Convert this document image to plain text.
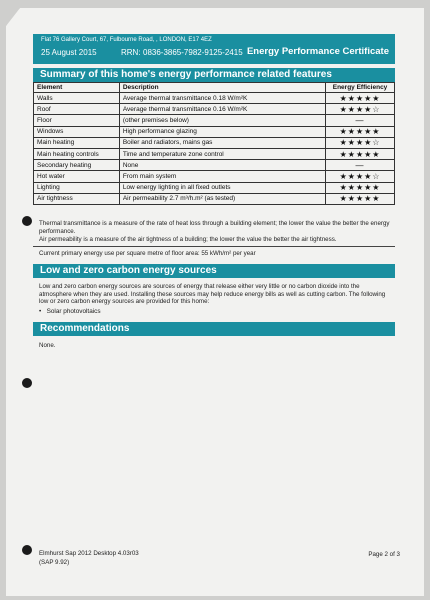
Flat 76 Gallery Court, 67, Fulbourne Road, , LONDON, E17 4EZ
25 August 2015	RRN: 0836-3865-7982-9125-2415 Energy Performance Certificate
Summary of this home's energy performance related features
Element	Description	Energy Efficiency
Walls	Average thermal transmittance 0.18 W/m²K	★★★★★
Roof	Average thermal transmittance 0.16 W/m²K	★★★★☆
Floor	(other premises below)	—
Windows	High performance glazing	★★★★★
Main heating	Boiler and radiators, mains gas	★★★★☆
Main heating controls	Time and temperature zone control	★★★★★
Secondary heating	None	—
Hot water	From main system	★★★★☆
Lighting	Low energy lighting in all fixed outlets	★★★★★
Air tightness	Air permeability 2.7 m³/h.m² (as tested)	★★★★★
Thermal transmittance is a measure of the rate of heat loss through a building element; the lower the value the better the energy performance.
Air permeability is a measure of the air tightness of a building; the lower the value the better the air tightness.
Current primary energy use per square metre of floor area: 55 kWh/m² per year
Low and zero carbon energy sources
Low and zero carbon energy sources are sources of energy that release either very little or no carbon dioxide into the atmosphere when they are used. Installing these sources may help reduce energy bills as well as cutting carbon. The following low or zero carbon energy sources are provided for this home:
•   Solar photovoltaics
Recommendations
None.
Elmhurst Sap 2012 Desktop 4.03r03 (SAP 9.92)
Page 2 of 3
